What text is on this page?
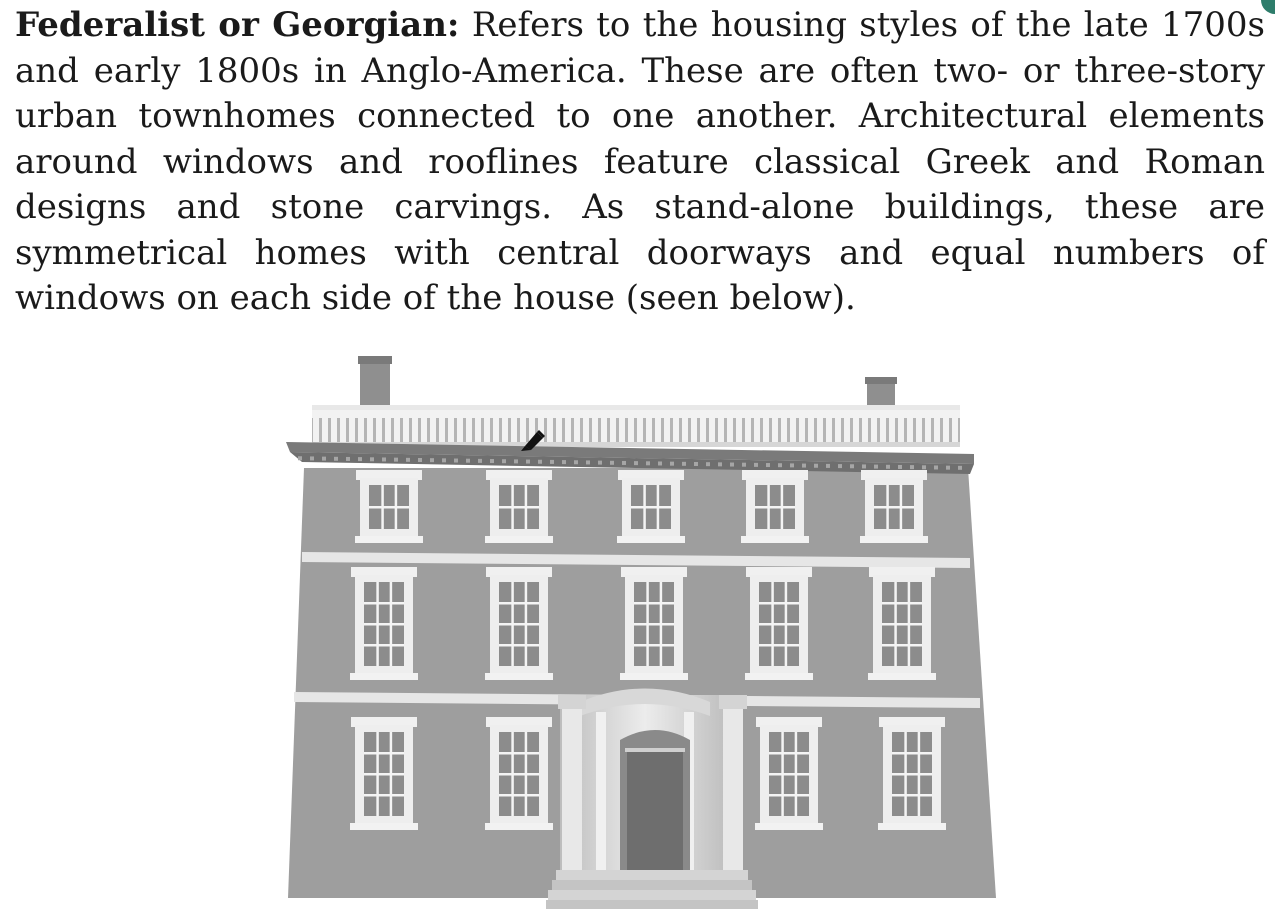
Federalist or Georgian: Refers to the housing styles of the late 1700s and early 1800s in Anglo-America. These are often two- or three-story urban townhomes connected to one another. Architectural elements around windows and rooflines feature classical Greek and Roman designs and stone carvings. As stand-alone buildings, these are symmetrical homes with central doorways and equal numbers of windows on each side of the house (seen below).
